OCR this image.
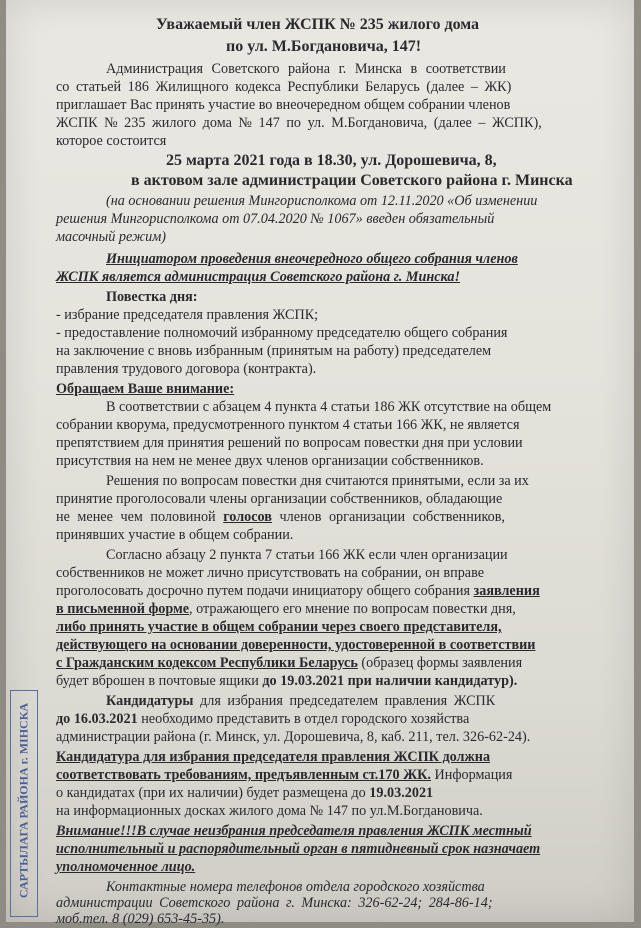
САРТЫЛАГА РАЙОНА г. МІНСКА
Уважаемый член ЖСПК № 235 жилого дома
по ул. М.Богдановича, 147!
Администрация Советского района г. Минска в соответствии
со статьей 186 Жилищного кодекса Республики Беларусь (далее – ЖК)
приглашает Вас принять участие во внеочередном общем собрании членов
ЖСПК № 235 жилого дома № 147 по ул. М.Богдановича, (далее – ЖСПК),
которое состоится
25 марта 2021 года в 18.30, ул. Дорошевича, 8,
в актовом зале администрации Советского района г. Минска
(на основании решения Мингорисполкома от 12.11.2020 «Об изменении
решения Мингорисполкома от 07.04.2020 № 1067» введен обязательный
масочный режим)
Инициатором проведения внеочередного общего собрания членов
ЖСПК является администрация Советского района г. Минска!
Повестка дня:
- избрание председателя правления ЖСПК;
- предоставление полномочий избранному председателю общего собрания
на заключение с вновь избранным (принятым на работу) председателем
правления трудового договора (контракта).
Обращаем Ваше внимание:
В соответствии с абзацем 4 пункта 4 статьи 186 ЖК отсутствие на общем
собрании кворума, предусмотренного пунктом 4 статьи 166 ЖК, не является
препятствием для принятия решений по вопросам повестки дня при условии
присутствия на нем не менее двух членов организации собственников.
Решения по вопросам повестки дня считаются принятыми, если за их
принятие проголосовали члены организации собственников, обладающие
не менее чем половиной голосов членов организации собственников,
принявших участие в общем собрании.
Согласно абзацу 2 пункта 7 статьи 166 ЖК если член организации
собственников не может лично присутствовать на собрании, он вправе
проголосовать досрочно путем подачи инициатору общего собрания заявления
в письменной форме, отражающего его мнение по вопросам повестки дня,
либо принять участие в общем собрании через своего представителя,
действующего на основании доверенности, удостоверенной в соответствии
с Гражданским кодексом Республики Беларусь (образец формы заявления
будет вброшен в почтовые ящики до 19.03.2021 при наличии кандидатур).
Кандидатуры для избрания председателем правления ЖСПК
до 16.03.2021 необходимо представить в отдел городского хозяйства
администрации района (г. Минск, ул. Дорошевича, 8, каб. 211, тел. 326-62-24).
Кандидатура для избрания председателя правления ЖСПК должна
соответствовать требованиям, предъявленным ст.170 ЖК. Информация
о кандидатах (при их наличии) будет размещена до 19.03.2021
на информационных досках жилого дома № 147 по ул.М.Богдановича.
Внимание!!!В случае неизбрания председателя правления ЖСПК местный
исполнительный и распорядительный орган в пятидневный срок назначает
уполномоченное лицо.
Контактные номера телефонов отдела городского хозяйства
администрации Советского района г. Минска: 326-62-24; 284-86-14;
моб.тел. 8 (029) 653-45-35).
